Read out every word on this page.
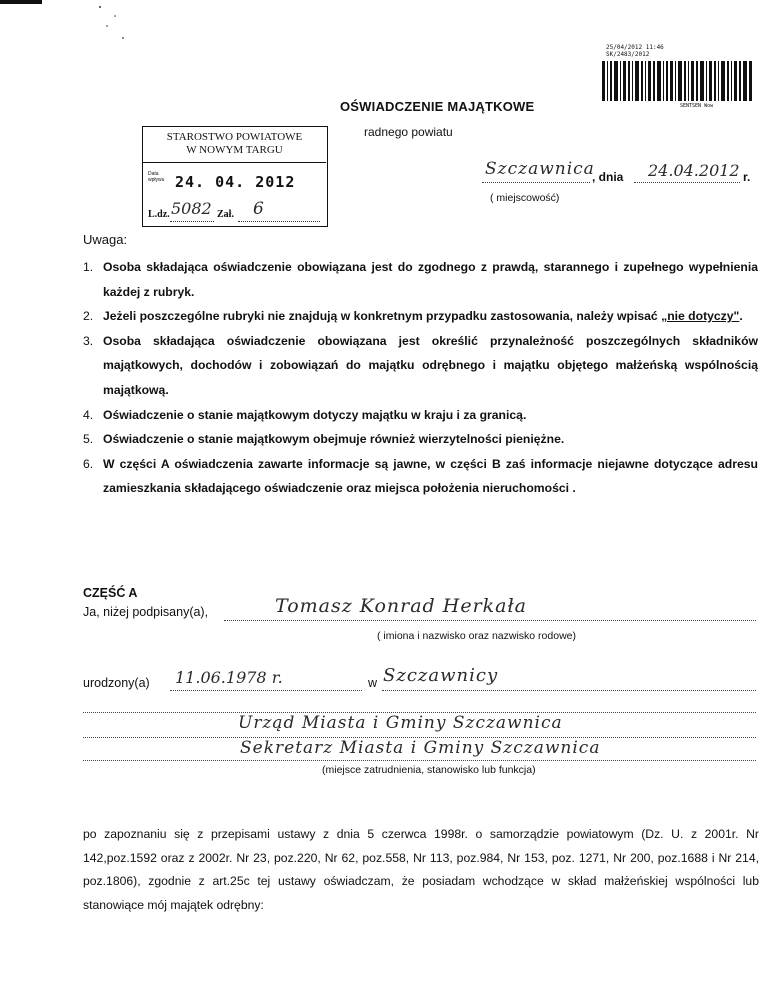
25/04/2012 11:46
SK/2483/2012
SENTSEN Wow
OŚWIADCZENIE MAJĄTKOWE
radnego powiatu
STAROSTWO POWIATOWE
W NOWYM TARGU
Data wpływu 24. 04. 2012
L.dz. 5082 Zał. 6
Szczawnica
, dnia 24.04.2012 r.
( miejscowość)
Uwaga:
1. Osoba składająca oświadczenie obowiązana jest do zgodnego z prawdą, starannego i zupełnego wypełnienia każdej z rubryk.
2. Jeżeli poszczególne rubryki nie znajdują w konkretnym przypadku zastosowania, należy wpisać „nie dotyczy".
3. Osoba składająca oświadczenie obowiązana jest określić przynależność poszczególnych składników majątkowych, dochodów i zobowiązań do majątku odrębnego i majątku objętego małżeńską wspólnością majątkową.
4. Oświadczenie o stanie majątkowym dotyczy majątku w kraju i za granicą.
5. Oświadczenie o stanie majątkowym obejmuje również wierzytelności pieniężne.
6. W części A oświadczenia zawarte informacje są jawne, w części B zaś informacje niejawne dotyczące adresu zamieszkania składającego oświadczenie oraz miejsca położenia nieruchomości .
CZĘŚĆ A
Ja, niżej podpisany(a),	Tomasz Konrad Herkała
( imiona i nazwisko oraz nazwisko rodowe)
urodzony(a) 11.06.1978 r.	w Szczawnicy
Urząd Miasta i Gminy Szczawnica
Sekretarz Miasta i Gminy Szczawnica
(miejsce zatrudnienia, stanowisko lub funkcja)

po zapoznaniu się z przepisami ustawy z dnia 5 czerwca 1998r. o samorządzie powiatowym (Dz. U. z 2001r. Nr 142,poz.1592 oraz z 2002r. Nr 23, poz.220, Nr 62, poz.558, Nr 113, poz.984, Nr 153, poz. 1271, Nr 200, poz.1688 i Nr 214, poz.1806), zgodnie z art.25c tej ustawy oświadczam, że posiadam wchodzące w skład małżeńskiej wspólności lub stanowiące mój majątek odrębny:
